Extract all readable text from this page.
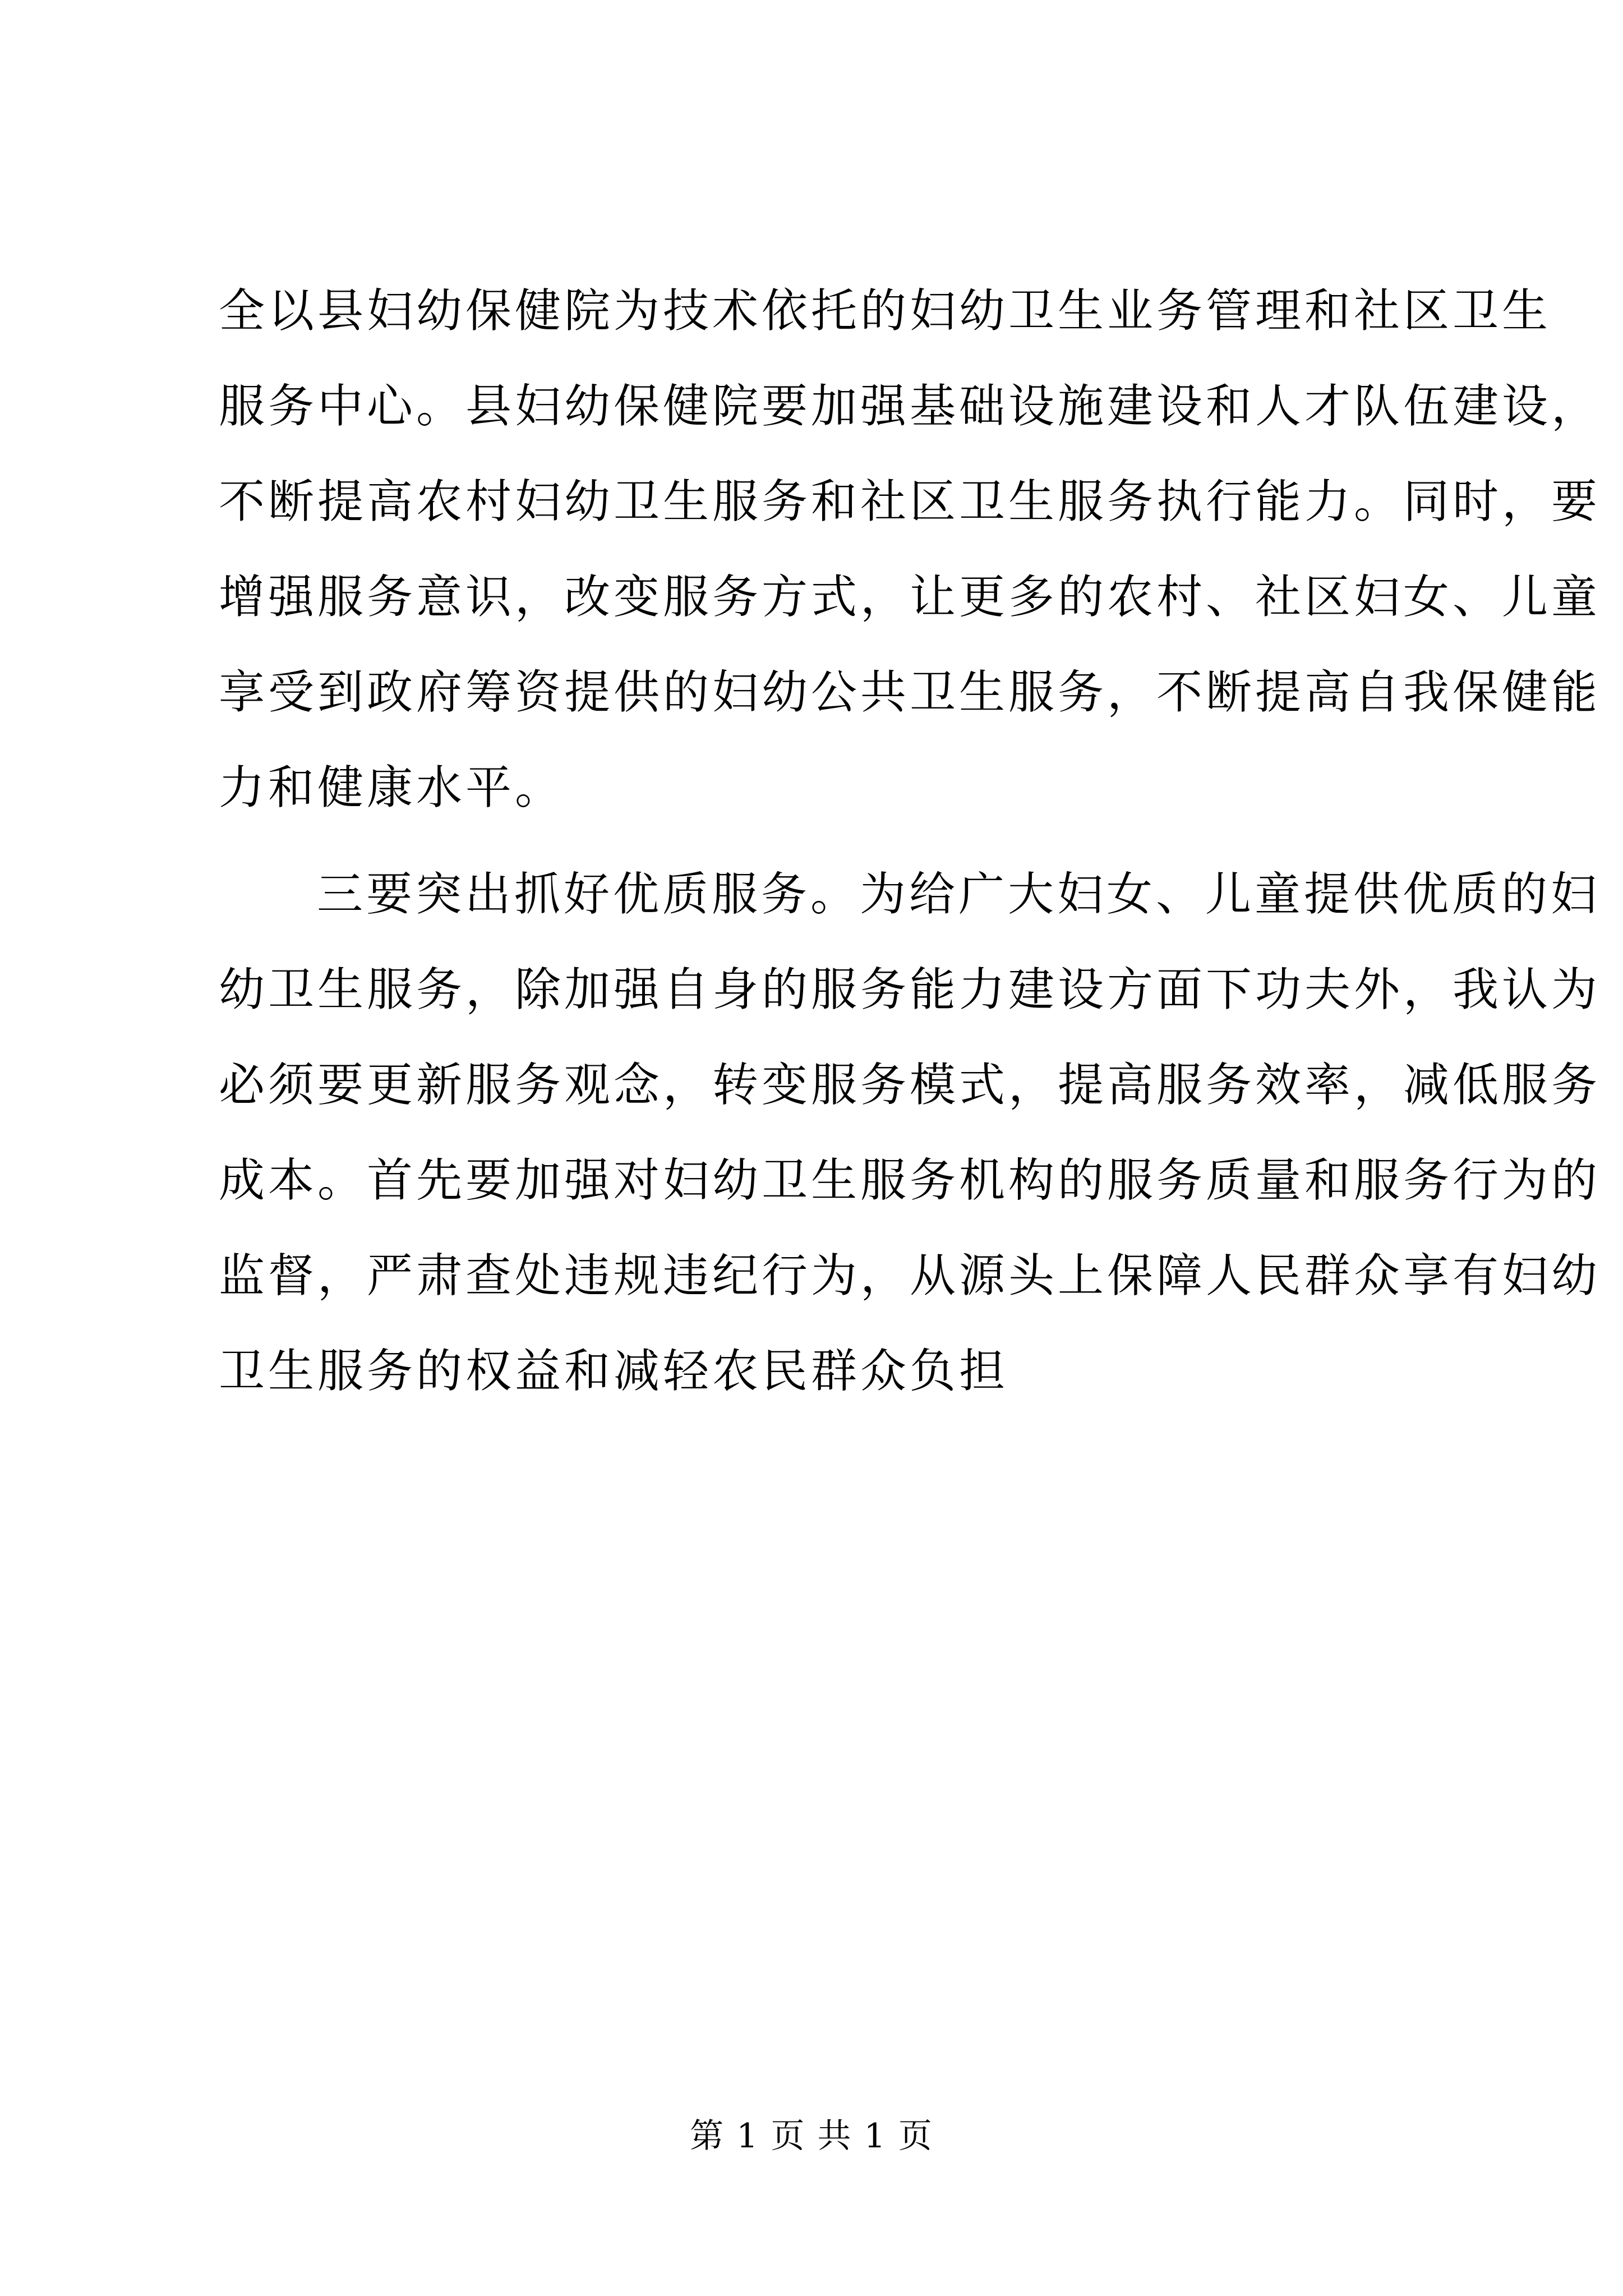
全以县妇幼保健院为技术依托的妇幼卫生业务管理和社区卫生
服务中心。县妇幼保健院要加强基础设施建设和人才队伍建设，
不断提高农村妇幼卫生服务和社区卫生服务执行能力。同时，要
增强服务意识，改变服务方式，让更多的农村、社区妇女、儿童
享受到政府筹资提供的妇幼公共卫生服务，不断提高自我保健能
力和健康水平。
三要突出抓好优质服务。为给广大妇女、儿童提供优质的妇
幼卫生服务，除加强自身的服务能力建设方面下功夫外，我认为
必须要更新服务观念，转变服务模式，提高服务效率，减低服务
成本。首先要加强对妇幼卫生服务机构的服务质量和服务行为的
监督，严肃查处违规违纪行为，从源头上保障人民群众享有妇幼
卫生服务的权益和减轻农民群众负担
第 1 页 共 1 页
